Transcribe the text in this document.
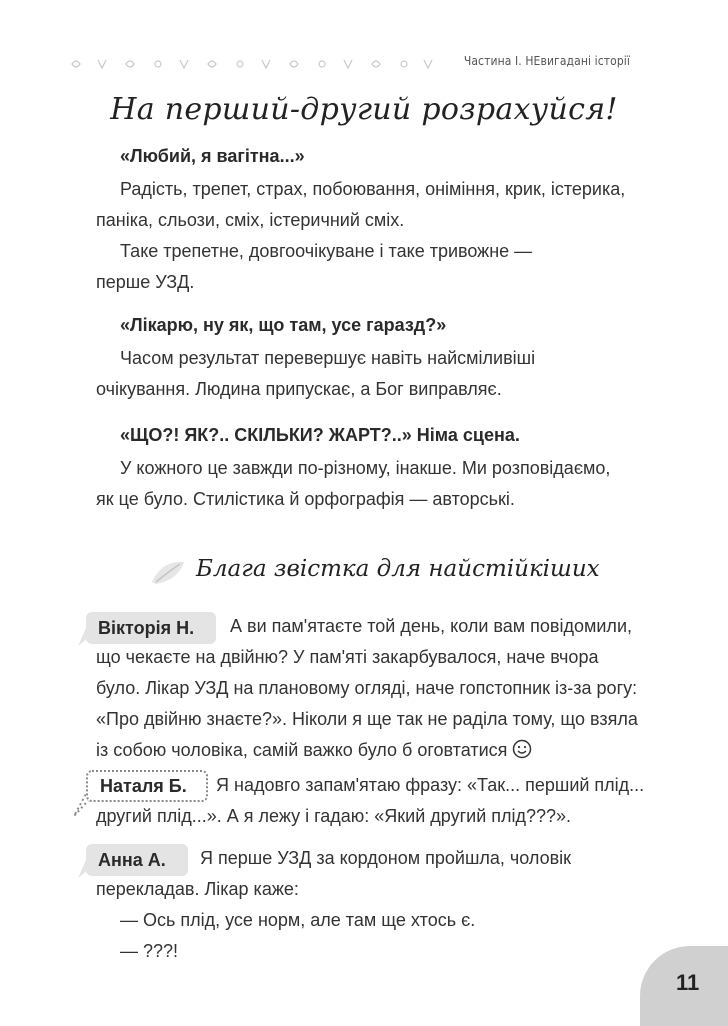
Частина І. НЕвигадані історії
На перший-другий розрахуйся!

«Любий, я вагітна...»

Радість, трепет, страх, побоювання, оніміння, крик, істерика,
паніка, сльози, сміх, істеричний сміх.
Таке трепетне, довгоочікуване і таке тривожне —
перше УЗД.

«Лікарю, ну як, що там, усе гаразд?»

Часом результат перевершує навіть найсміливіші
очікування. Людина припускає, а Бог виправляє.

«ЩО?! ЯК?.. СКІЛЬКИ? ЖАРТ?..» Німа сцена.

У кожного це завжди по-різному, інакше. Ми розповідаємо,
як це було. Стилістика й орфографія — авторські.

Блага звістка для найстійкіших
Вікторія Н.	А ви пам'ятаєте той день, коли вам повідомили,
що чекаєте на двійню? У пам'яті закарбувалося, наче вчора
було. Лікар УЗД на плановому огляді, наче гопстопник із-за рогу:
«Про двійню знаєте?». Ніколи я ще так не раділа тому, що взяла
із собою чоловіка, самій важко було б оговтатися

Наталя Б.	Я надовго запам'ятаю фразу: «Так... перший плід...
другий плід...». А я лежу і гадаю: «Який другий плід???».

Анна А.	Я перше УЗД за кордоном пройшла, чоловік
перекладав. Лікар каже:
— Ось плід, усе норм, але там ще хтось є.
— ???!

11
